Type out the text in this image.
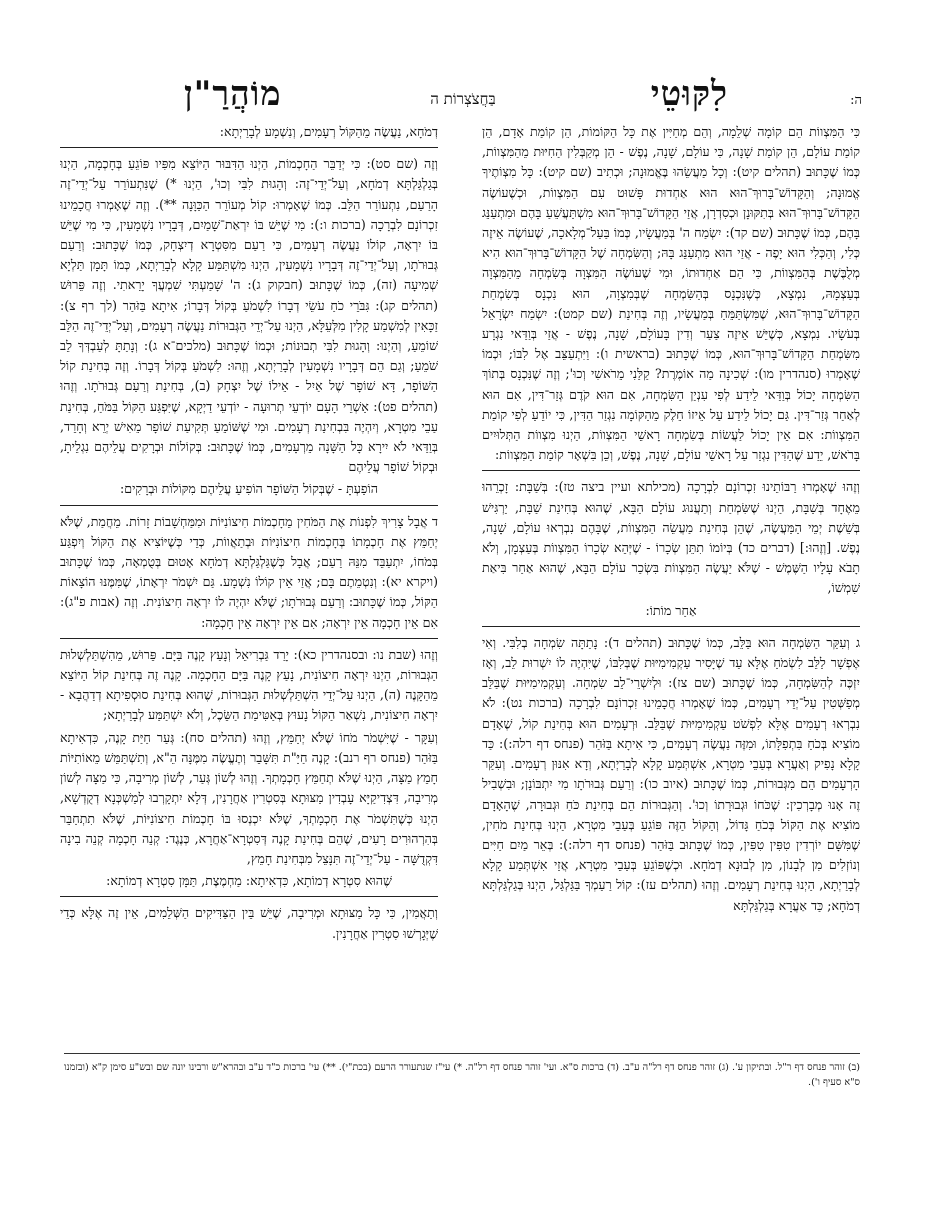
ה:
לִקּוּטֵי
בַּחֲצֹצְרוֹת ה
מוֹהֲרַ"ן

כִּי הַמִּצְווֹת הֵם קוֹמָה שְׁלֵמָה, וְהֵם מְחַיִּין אֶת כָּל הַקּוֹמוֹת, הֵן קוֹמַת אָדָם, הֵן קוֹמַת עוֹלָם, הֵן קוֹמַת שָׁנָה, כִּי עוֹלָם, שָׁנָה, נֶפֶשׁ - הֵן מְקַבְּלִין הַחִיּוּת מֵהַמִּצְווֹת, כְּמוֹ שֶׁכָּתוּב (תהלים קיט): וְכָל מַעֲשֵׂהוּ בֶּאֱמוּנָה; וּכְתִיב (שם קיט): כָּל מִצְוֹתֶיךָ אֱמוּנָה; וְהַקָּדוֹשׁ־בָּרוּךְ־הוּא הוּא אַחְדוּת פָּשׁוּט עִם הַמִּצְווֹת, וּכְשֶׁעוֹשֶׂה הַקָּדוֹשׁ־בָּרוּךְ־הוּא בְּתִקּוּנָן וּכְסִדְרָן, אֲזַי הַקָּדוֹשׁ־בָּרוּךְ־הוּא מִשְׁתַּעֲשֵׁעַ בָּהֶם וּמִתְעַנֵּג בָּהֶם, כְּמוֹ שֶׁכָּתוּב (שם קד): יִשְׂמַח ה' בְּמַעֲשָׂיו, כְּמוֹ בַּעַל־מְלָאכָה, שֶׁעוֹשֶׂה אֵיזֶה כְּלִי, וְהַכְּלִי הוּא יָפֶה - אֲזַי הוּא מִתְעַנֵּג בָּהּ; וְהַשִּׂמְחָה שֶׁל הַקָּדוֹשׁ־בָּרוּךְ־הוּא הִיא מְלֻבֶּשֶׁת בְּהַמִּצְווֹת, כִּי הֵם אַחְדוּתוֹ, וּמִי שֶׁעוֹשֶׂה הַמִּצְוָה בְּשִׂמְחָה מֵהַמִּצְוָה בְּעַצְמָהּ, נִמְצָא, כְּשֶׁנִּכְנָס בְּהַשִּׂמְחָה שֶׁבְּמִצְוָה, הוּא נִכְנָס בְּשִׂמְחַת הַקָּדוֹשׁ־בָּרוּךְ־הוּא, שֶׁמִּשְׂתַּמֵּחַ בְּמַעֲשָׂיו, וְזֶה בְּחִינַת (שם קמט): יִשְׂמַח יִשְׂרָאֵל בְּעֹשָׂיו. נִמְצָא, כְּשֶׁיֵּשׁ אֵיזֶה צַעַר וְדִין בָּעוֹלָם, שָׁנָה, נֶפֶשׁ - אֲזַי בְּוַדַּאי נִגְרָע מִשִּׂמְחַת הַקָּדוֹשׁ־בָּרוּךְ־הוּא, כְּמוֹ שֶׁכָּתוּב (בראשית ו): וַיִּתְעַצֵּב אֶל לִבּוֹ; וּכְמוֹ שֶׁאָמְרוּ (סנהדרין מו): שְׁכִינָה מַה אוֹמֶרֶת? קַלַּנִי מֵרֹאשִׁי וְכוּ'; וְזֶה שֶׁנִּכְנָס בְּתוֹךְ הַשִּׂמְחָה יָכוֹל בְּוַדַּאי לֵידַע לְפִי עִנְיַן הַשִּׂמְחָה, אִם הוּא קֹדֶם גְּזַר־דִּין, אִם הוּא לְאַחַר גְּזַר־דִּין. גַּם יָכוֹל לֵידַע עַל אֵיזוֹ חֵלֶק מֵהַקּוֹמָה נִגְזַר הַדִּין, כִּי יוֹדֵעַ לְפִי קוֹמַת הַמִּצְווֹת: אִם אֵין יָכוֹל לַעֲשׂוֹת בְּשִׂמְחָה רָאשֵׁי הַמִּצְווֹת, הַיְנוּ מִצְווֹת הַתְּלוּיִים בָּרֹאשׁ, יֵדַע שֶׁהַדִּין נִגְזַר עַל רָאשֵׁי עוֹלָם, שָׁנָה, נֶפֶשׁ, וְכֵן בִּשְׁאָר קוֹמַת הַמִּצְווֹת:

וְזֶהוּ שֶׁאָמְרוּ רַבּוֹתֵינוּ זִכְרוֹנָם לִבְרָכָה (מכילתא ועיין ביצה טז): בְּשַׁבָּת: זָכְרֵהוּ מֵאֶחָד בְּשַׁבָּת, הַיְנוּ שֶׁשִּׂמְחַת וְתַעֲנוּג עוֹלָם הַבָּא, שֶׁהוּא בְּחִינַת שַׁבָּת, יַרְגִּישׁ בְּשֵׁשֶׁת יְמֵי הַמַּעֲשֶׂה, שֶׁהֵן בְּחִינַת מַעֲשֵׂה הַמִּצְווֹת, שֶׁבָּהֶם נִבְרְאוּ עוֹלָם, שָׁנָה, נֶפֶשׁ. [וְזֶהוּ:] (דברים כד) בְּיוֹמוֹ תִתֵּן שְׂכָרוֹ - שֶׁיְּהֵא שְׂכָרוֹ הַמִּצְווֹת בְּעַצְמָן, וְלֹא תָבֹא עָלָיו הַשֶּׁמֶשׁ - שֶׁלֹּא יַעֲשֶׂה הַמִּצְווֹת בִּשְׂכַר עוֹלָם הַבָּא, שֶׁהוּא אַחַר בִּיאַת שִׁמְשׁוֹ,

אַחַר מוֹתוֹ:

ג וְעִקַּר הַשִּׂמְחָה הוּא בַּלֵּב, כְּמוֹ שֶׁכָּתוּב (תהלים ד): נָתַתָּה שִׂמְחָה בְלִבִּי. וְאִי אֶפְשָׁר לַלֵּב לִשְׂמֹחַ אֶלָּא עַד שֶׁיָּסִיר עַקְמִימִיּוּת שֶׁבְּלִבּוֹ, שֶׁיִּהְיֶה לוֹ יִשְׁרוּת לֵב, וְאָז יִזְכֶּה לְהַשִּׂמְחָה, כְּמוֹ שֶׁכָּתוּב (שם צז): וּלְיִשְׁרֵי־לֵב שִׂמְחָה. וְעַקְמִימִיּוּת שֶׁבַּלֵּב מְפַשְּׁטִין עַל־יְדֵי רְעָמִים, כְּמוֹ שֶׁאָמְרוּ חֲכָמֵינוּ זִכְרוֹנָם לִבְרָכָה (ברכות נט): לֹא נִבְרְאוּ רְעָמִים אֶלָּא לִפְשֹׁט עַקְמִימִיּוּת שֶׁבַּלֵּב. וּרְעָמִים הוּא בְּחִינַת קוֹל, שֶׁאָדָם מוֹצִיא בְּכֹחַ בִּתְפִלָּתוֹ, וּמִזֶּה נַעֲשֶׂה רְעָמִים, כִּי אִיתָא בַּזֹּהַר (פנחס דף רלה:): כַּד קָלָא נָפִיק וְאַעֲרָא בְּעַבֵי מִטְרָא, אִשְׁתְּמַע קָלָא לְבָרַיְתָא, וְדָא אִנּוּן רְעָמִים. וְעִקַּר הָרְעָמִים הֵם מִגְּבוּרוֹת, כְּמוֹ שֶׁכָּתוּב (איוב כו): וְרַעַם גְּבוּרֹתָו מִי יִתְבּוֹנָן; וּבִשְׁבִיל זֶה אָנוּ מְבָרְכִין: שֶׁכֹּחוֹ וּגְבוּרָתוֹ וְכוּ'. וְהַגְּבוּרוֹת הֵם בְּחִינַת כֹּחַ וּגְבוּרָה, שֶׁהָאָדָם מוֹצִיא אֶת הַקּוֹל בְּכֹחַ גָּדוֹל, וְהַקּוֹל הַזֶּה פּוֹגֵעַ בְּעַבֵי מִטְרָא, הַיְנוּ בְּחִינַת מֹחִין, שֶׁמִּשָּׁם יוֹרְדִין טִפִּין טִפִּין, כְּמוֹ שֶׁכָּתוּב בַּזֹּהַר (פנחס דף רלה:): בְּאֵר מַיִם חַיִּים וְנוֹזְלִים מִן לְבָנוֹן, מִן לְבוּנָא דְמֹחָא. וּכְשֶׁפּוֹגֵעַ בְּעַבֵי מִטְרָא, אֲזַי אִשְׁתְּמַע קָלָא לְבָרַיְתָא, הַיְנוּ בְּחִינַת רְעָמִים. וְזֶהוּ (תהלים עז): קוֹל רַעַמְךָ בַּגַּלְגַּל, הַיְנוּ בְּגַלְגַּלְתָּא דְמֹחָא; כַּד אַעֲרָא בְּגַלְגַּלְתָּא

דְמֹחָא, נַעֲשֶׂה מֵהַקּוֹל רְעָמִים, וְנִשְׁמָע לְבָרַיְתָא:

וְזֶה (שם סט): כִּי יְדַבֵּר הַחָכְמוֹת, הַיְנוּ הַדִּבּוּר הַיּוֹצֵא מִפִּיו פּוֹגֵעַ בְּחָכְמָה, הַיְנוּ בְּגַלְגַּלְתָּא דְמֹחָא, וְעַל־יְדֵי־זֶה: וְהָגוּת לִבִּי וְכוּ', הַיְנוּ *) שֶׁנִּתְעוֹרֵר עַל־יְדֵי־זֶה הָרַעַם, נִתְעוֹרֵר הַלֵּב. כְּמוֹ שֶׁאָמְרוּ: קוֹל מְעוֹרֵר הַכַּוָּנָה **). וְזֶה שֶׁאָמְרוּ חֲכָמֵינוּ זִכְרוֹנָם לִבְרָכָה (ברכות ו:): מִי שֶׁיֵּשׁ בּוֹ יִרְאַת־שָׁמַיִם, דְּבָרָיו נִשְׁמָעִין, כִּי מִי שֶׁיֵּשׁ בּוֹ יִרְאָה, קוֹלוֹ נַעֲשֶׂה רְעָמִים, כִּי רַעַם מִסִּטְרָא דְיִצְחָק, כְּמוֹ שֶׁכָּתוּב: וְרַעַם גְּבוּרֹתָו, וְעַל־יְדֵי־זֶה דְּבָרָיו נִשְׁמָעִין, הַיְנוּ מִשְׁתַּמַּע קָלָא לְבָרַיְתָא, כְּמוֹ תָּמָן תַּלְיָא שְׁמִיעָה (זה), כְּמוֹ שֶׁכָּתוּב (חבקוק ג): ה' שָׁמַעְתִּי שִׁמְעֲךָ יָרֵאתִי. וְזֶה פֵּרוּשׁ (תהלים קג): גִּבֹּרֵי כֹחַ עֹשֵׂי דְבָרוֹ לִשְׁמֹעַ בְּקוֹל דְּבָרוֹ; אִיתָא בַּזֹּהַר (לך רף צ): זַכָּאִין לְמִשְׁמַע קָלִין מִלְּעֵלָּא, הַיְנוּ עַל־יְדֵי הַגְּבוּרוֹת נַעֲשֶׂה רְעָמִים, וְעַל־יְדֵי־זֶה הַלֵּב שׁוֹמֵעַ, וְהַיְנוּ: וְהָגוּת לִבִּי תְבוּנוֹת; וּכְמוֹ שֶׁכָּתוּב (מלכים־א ג): וְנָתַתָּ לְעַבְדְּךָ לֵב שֹׁמֵעַ; וְגַם הֵם דְּבָרָיו נִשְׁמָעִין לְבָרַיְתָא, וְזֶהוּ: לִשְׁמֹעַ בְּקוֹל דְּבָרוֹ. וְזֶה בְּחִינַת קוֹל הַשּׁוֹפָר, דָּא שׁוֹפָר שֶׁל אַיִל - אֵילוֹ שֶׁל יִצְחָק (ב), בְּחִינַת וְרַעַם גְּבוּרֹתָו. וְזֶהוּ (תהלים פט): אַשְׁרֵי הָעָם יוֹדְעֵי תְרוּעָה - יוֹדְעֵי דַיְקָא, שֶׁיִּפְגַּע הַקּוֹל בַּמֹּחַ, בְּחִינַת עַבֵי מִטְרָא, וְיִהְיֶה בִּבְחִינַת רְעָמִים. וּמִי שֶׁשּׁוֹמֵעַ תְּקִיעַת שׁוֹפָר מֵאִישׁ יְרֵא וְחָרֵד, בְּוַדַּאי לֹא יִירָא כָּל הַשָּׁנָה מֵרְעָמִים, כְּמוֹ שֶׁכָּתוּב: בְּקוֹלוֹת וּבְרָקִים עֲלֵיהֶם נִגְלֵיתָ, וּבְקוֹל שׁוֹפָר עֲלֵיהֶם

הוֹפַעְתָּ - שֶׁבְּקוֹל הַשּׁוֹפָר הוֹפִיעַ עֲלֵיהֶם מִקּוֹלוֹת וּבְרָקִים:

ד אֲבָל צָרִיךְ לִפְנוֹת אֶת הַמֹּחִין מֵחָכְמוֹת חִיצוֹנִיּוֹת וּמִמַּחְשָׁבוֹת זָרוֹת. מֵחֲמַת, שֶׁלֹּא יְחַמֵּץ אֶת חָכְמָתוֹ בְּחָכְמוֹת חִיצוֹנִיּוֹת וּבְתַאֲווֹת, כְּדֵי כְּשֶׁיּוֹצִיא אֶת הַקּוֹל וְיִפְגַּע בְּמֹחוֹ, יִתְעַבֵּד מִנֵּהּ רַעַם; אֲבָל כְּשֶׁגַּלְגַּלְתָּא דְמֹחָא אָטוּם בְּטֻמְאָה, כְּמוֹ שֶׁכָּתוּב (ויקרא יא): וְנִטְמֵתֶם בָּם; אֲזַי אֵין קוֹלוֹ נִשְׁמָע. גַּם יִשְׁמֹר יִרְאָתוֹ, שֶׁמִּמֶּנּוּ הוֹצָאוֹת הַקּוֹל, כְּמוֹ שֶׁכָּתוּב: וְרַעַם גְּבוּרֹתָו; שֶׁלֹּא יִהְיֶה לוֹ יִרְאָה חִיצוֹנִית. וְזֶה (אבות פ"ג): אִם אֵין חָכְמָה אֵין יִרְאָה; אִם אֵין יִרְאָה אֵין חָכְמָה:

וְזֶהוּ (שבת נו: ובסנהדרין כא): יָרַד גַּבְרִיאֵל וְנָעַץ קָנֶה בַּיָּם. פֵּרוּשׁ, מֵהִשְׁתַּלְשְׁלוּת הַגְּבוּרוֹת, הַיְנוּ יִרְאָה חִיצוֹנִית, נָעַץ קָנֶה בַּיָּם הַחָכְמָה. קָנֶה זֶה בְּחִינַת קוֹל הַיּוֹצֵא מֵהַקָּנֶה (ה), הַיְנוּ עַל־יְדֵי הִשְׁתַּלְשְׁלוּת הַגְּבוּרוֹת, שֶׁהוּא בְּחִינַת סוּסְפִיתָא דְדַהֲבָא - יִרְאָה חִיצוֹנִית, נִשְׁאַר הַקּוֹל נָעוּץ בְּאַטִּימַת הַשֵּׂכֶל, וְלֹא יִשְׁתַּמַּע לְבָרַיְתָא;

וְעִקָּר - שֶׁיִּשְׁמֹר מֹחוֹ שֶׁלֹּא יְחַמֵּץ, וְזֶהוּ (תהלים סח): גְּעַר חַיַּת קָנֶה, כִּדְאִיתָא בַּזֹּהַר (פנחס רף רנב): קָנֶה חַיַּ"ת תִּשָּׁבֵר וְתֶעֱשֶׂה מִמֶּנָּה הֵ"א, וְתִשְׁתַּמֵּשׁ מֵאוֹתִיּוֹת חָמֵץ מַצָּה, הַיְנוּ שֶׁלֹּא תְחַמֵּץ חָכְמָתְךָ. וְזֶהוּ לְשׁוֹן גְּעַר, לְשׁוֹן מְרִיבָה, כִּי מַצָּה לְשׁוֹן מְרִיבָה, דִּצְדִיקַיָּא עָבְדִין מַצּוּתָא בְּסִטְרִין אַחֲרָנִין, דְּלָא יִתְקָרְבוּ לְמַשְׁכְּנָא דְקֻדְשָׁא, הַיְנוּ כְּשֶׁתִּשְׁמֹר אֶת חָכְמָתְךָ, שֶׁלֹּא יִכְנְסוּ בּוֹ חָכְמוֹת חִיצוֹנִיּוֹת, שֶׁלֹּא תִתְחַבֵּר בְּהִרְהוּרִים רָעִים, שֶׁהֵם בְּחִינַת קָנֶה דְּסִטְרָא־אַחֲרָא, כְּנֶגֶד: קְנֵה חָכְמָה קְנֵה בִינָה דִּקְדֻשָּׁה - עַל־יְדֵי־זֶה תִּנָּצֵל מִבְּחִינַת חָמֵץ,

שֶׁהוּא סִטְרָא דְמוֹתָא, כִּדְאִיתָא: מַחְמֶצֶת, תַּמָּן סִטְרָא דְמוֹתָא:

וְתַאֲמִין, כִּי כָּל מַצּוּתָא וּמְרִיבָה, שֶׁיֵּשׁ בֵּין הַצַּדִּיקִים הַשְּׁלֵמִים, אֵין זֶה אֶלָּא כְּדֵי שֶׁיְּגָרְשׁוּ סִטְרִין אַחֲרָנִין.

(ב) זוהר פנחס דף ר"ל. ובתיקון ע'. (ג) זוהר פנחס דף רל"ה ע"ב. (ד) ברכות ס"א. ועי' זוהר פנחס דף רל"ה. *) עי"ז שנתעורר הרעם (בכת"י). **) עי' ברכות כ"ד ע"ב ובהרא"ש ורבינו יונה שם ובש"ע סימן ק"א (ובזמנו ס"א סעיף ו').
